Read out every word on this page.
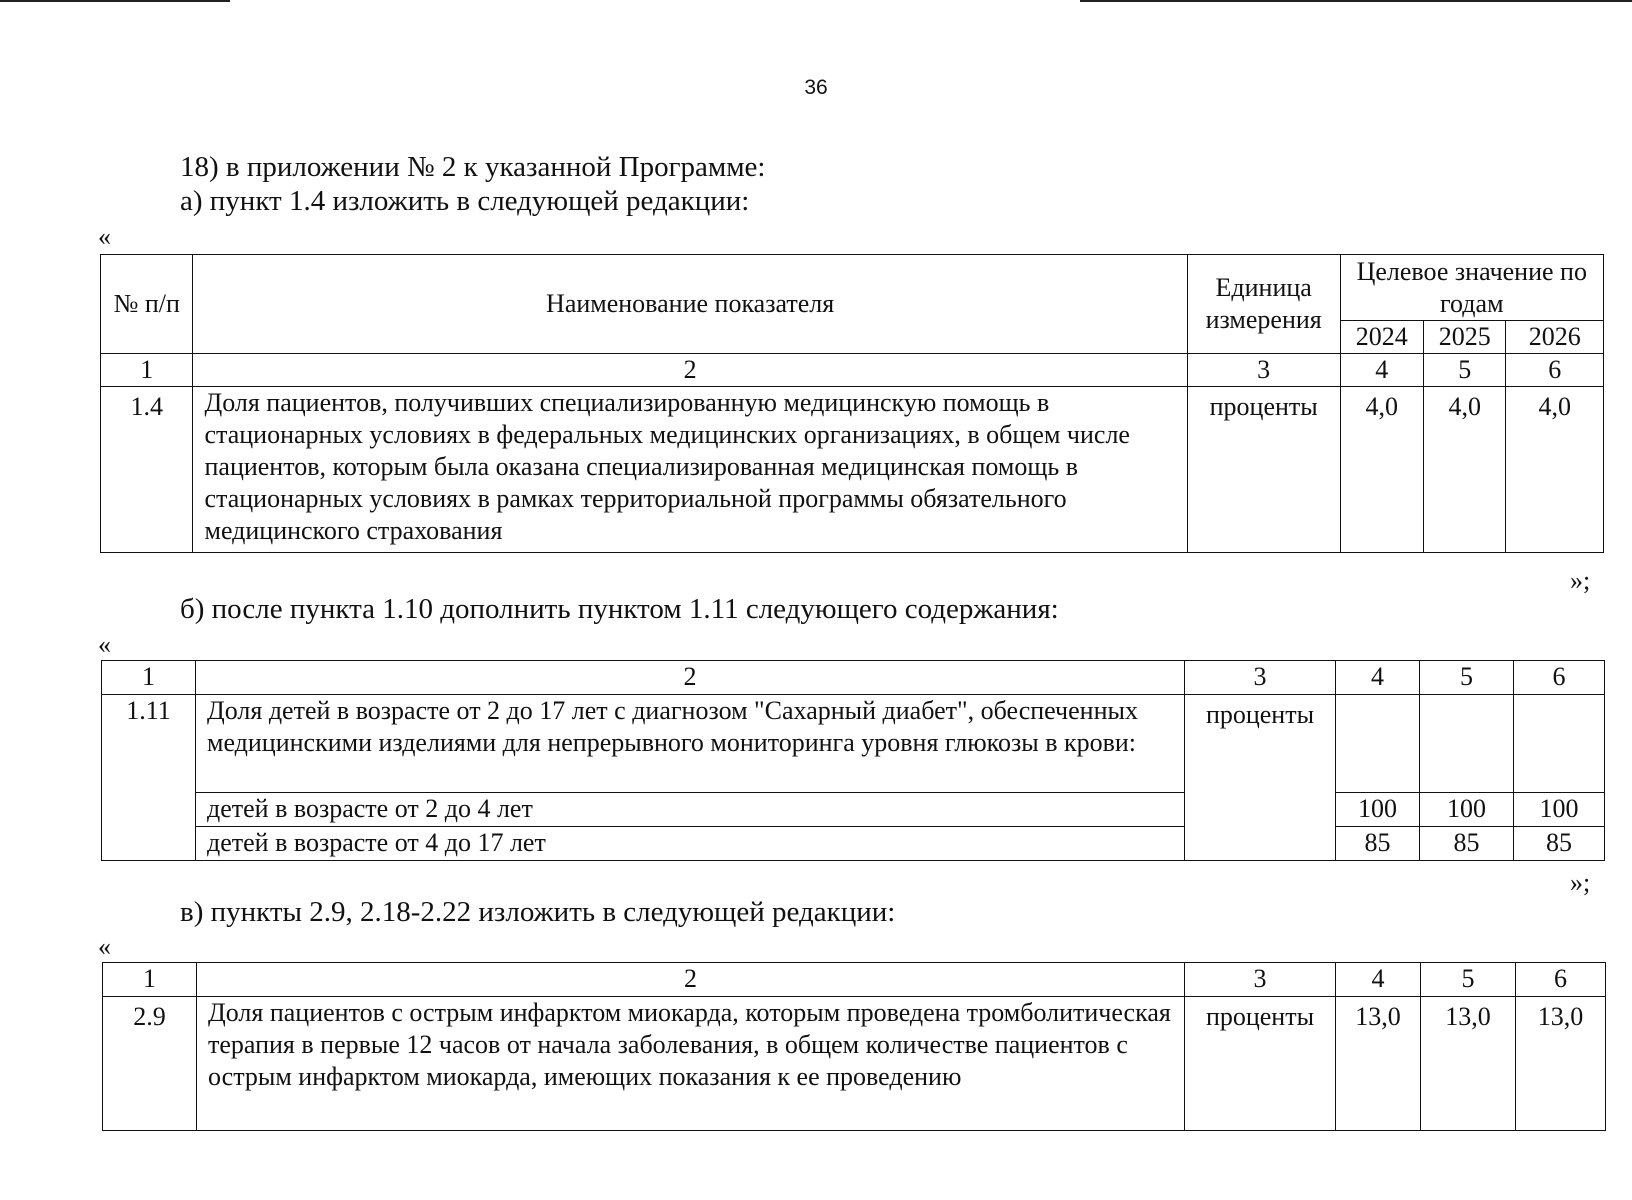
36
18) в приложении № 2 к указанной Программе:
а) пункт 1.4 изложить в следующей редакции:
«
№ п/п	Наименование показателя	Единица измерения	Целевое значение по годам		
			2024	2025	2026
1	2	3	4	5	6
1.4	Доля пациентов, получивших специализированную медицинскую помощь в стационарных условиях в федеральных медицинских организациях, в общем числе пациентов, которым была оказана специализированная медицинская помощь в стационарных условиях в рамках территориальной программы обязательного медицинского страхования	проценты	4,0	4,0	4,0
»;
б) после пункта 1.10 дополнить пунктом 1.11 следующего содержания:
«
1	2	3	4	5	6
1.11	Доля детей в возрасте от 2 до 17 лет с диагнозом "Сахарный диабет", обеспеченных медицинскими изделиями для непрерывного мониторинга уровня глюкозы в крови:	проценты			
	детей в возрасте от 2 до 4 лет		100	100	100
	детей в возрасте от 4 до 17 лет		85	85	85
»;
в) пункты 2.9, 2.18-2.22 изложить в следующей редакции:
«
1	2	3	4	5	6
2.9	Доля пациентов с острым инфарктом миокарда, которым проведена тромболитическая терапия в первые 12 часов от начала заболевания, в общем количестве пациентов с острым инфарктом миокарда, имеющих показания к ее проведению	проценты	13,0	13,0	13,0
